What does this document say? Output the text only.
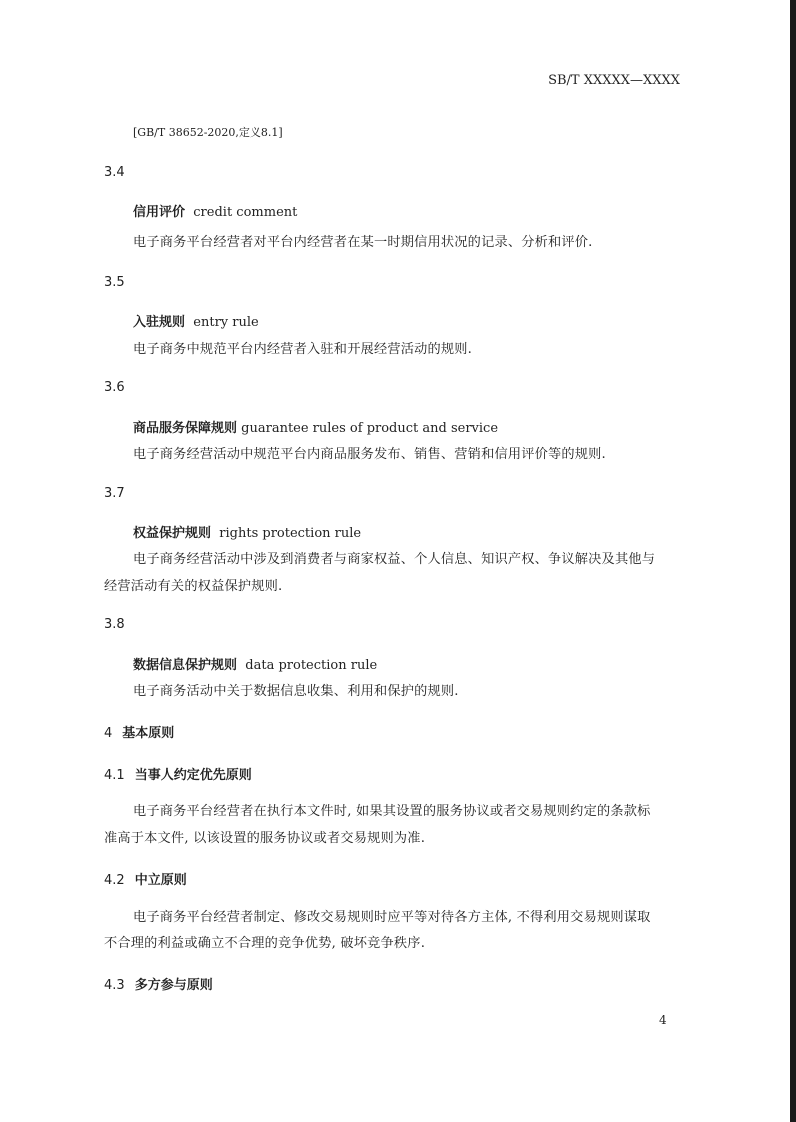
SB/T XXXXX—XXXX
[GB/T 38652-2020,定义8.1]
3.4
信用评价 credit comment
电子商务平台经营者对平台内经营者在某一时期信用状况的记录、分析和评价.
3.5
入驻规则 entry rule
电子商务中规范平台内经营者入驻和开展经营活动的规则.
3.6
商品服务保障规则 guarantee rules of product and service
电子商务经营活动中规范平台内商品服务发布、销售、营销和信用评价等的规则.
3.7
权益保护规则 rights protection rule
电子商务经营活动中涉及到消费者与商家权益、个人信息、知识产权、争议解决及其他与
经营活动有关的权益保护规则.
3.8
数据信息保护规则 data protection rule
电子商务活动中关于数据信息收集、利用和保护的规则.
4 基本原则
4.1 当事人约定优先原则
电子商务平台经营者在执行本文件时, 如果其设置的服务协议或者交易规则约定的条款标
准高于本文件, 以该设置的服务协议或者交易规则为准.
4.2 中立原则
电子商务平台经营者制定、修改交易规则时应平等对待各方主体, 不得利用交易规则谋取
不合理的利益或确立不合理的竞争优势, 破坏竞争秩序.
4.3 多方参与原则
4
